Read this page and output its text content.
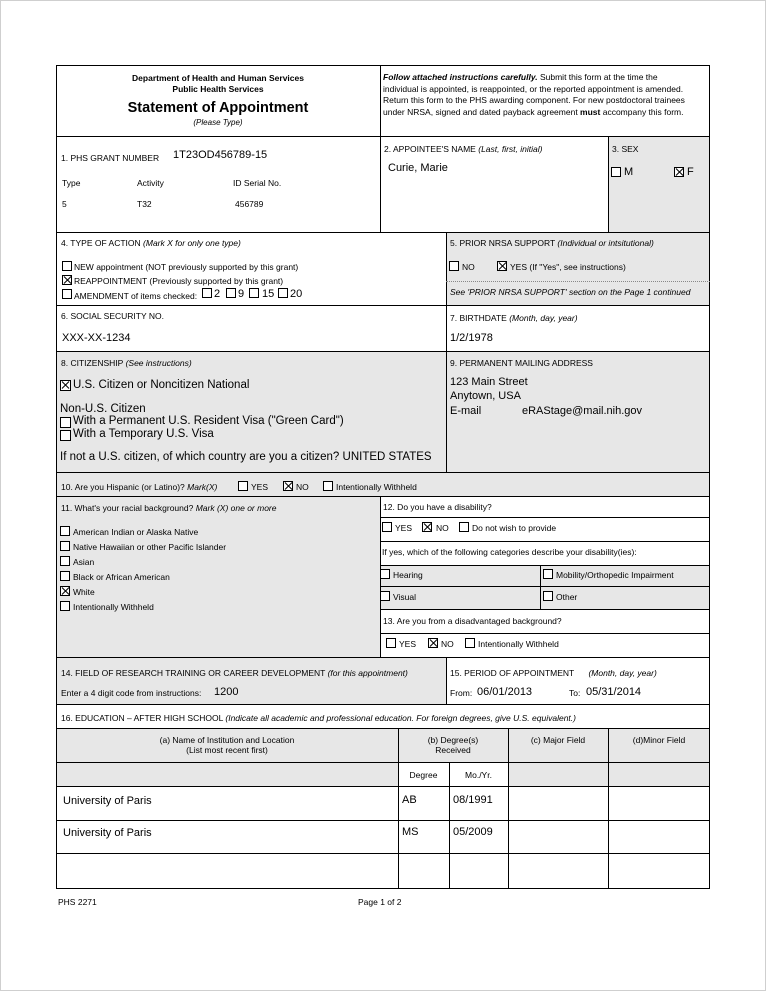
Department of Health and Human Services
Public Health Services
Statement of Appointment
(Please Type)
Follow attached instructions carefully. Submit this form at the time the
individual is appointed, is reappointed, or the reported appointment is amended.
Return this form to the PHS awarding component. For new postdoctoral trainees
under NRSA, signed and dated payback agreement must accompany this form.
1. PHS GRANT NUMBER 1T23OD456789-15
Type	Activity	ID Serial No.
5	T32	456789
2. APPOINTEE'S NAME (Last, first, initial)
Curie, Marie
3. SEX
M	F
4. TYPE OF ACTION (Mark X for only one type)
NEW appointment (NOT previously supported by this grant)
REAPPOINTMENT (Previously supported by this grant)
AMENDMENT of items checked: 2 9 15 20
5. PRIOR NRSA SUPPORT (Individual or intsitutional)
NO	YES (If "Yes", see instructions)
See 'PRIOR NRSA SUPPORT' section on the Page 1 continued
6. SOCIAL SECURITY NO.
XXX-XX-1234
7. BIRTHDATE (Month, day, year)
1/2/1978
8. CITIZENSHIP (See instructions)
U.S. Citizen or Noncitizen National
Non-U.S. Citizen
With a Permanent U.S. Resident Visa ("Green Card")
With a Temporary U.S. Visa
If not a U.S. citizen, of which country are you a citizen? UNITED STATES
9. PERMANENT MAILING ADDRESS
123 Main Street
Anytown, USA
E-mail	eRAStage@mail.nih.gov
10. Are you Hispanic (or Latino)? Mark(X)	YES	NO	Intentionally Withheld
11. What's your racial background? Mark (X) one or more
American Indian or Alaska Native
Native Hawaiian or other Pacific Islander
Asian
Black or African American
White
Intentionally Withheld
12. Do you have a disability?
YES	NO	Do not wish to provide
If yes, which of the following categories describe your disability(ies):
Hearing	Mobility/Orthopedic Impairment
Visual	Other
13. Are you from a disadvantaged background?
YES	NO	Intentionally Withheld
14. FIELD OF RESEARCH TRAINING OR CAREER DEVELOPMENT (for this appointment)
Enter a 4 digit code from instructions: 1200
15. PERIOD OF APPOINTMENT (Month, day, year)
From: 06/01/2013	To: 05/31/2014
16. EDUCATION – AFTER HIGH SCHOOL (Indicate all academic and professional education. For foreign degrees, give U.S. equivalent.)
(a) Name of Institution and Location
(List most recent first)
(b) Degree(s)
Received
(c) Major Field	(d)Minor Field
Degree	Mo./Yr.
University of Paris	AB	08/1991
University of Paris	MS	05/2009
PHS 2271	Page 1 of 2
